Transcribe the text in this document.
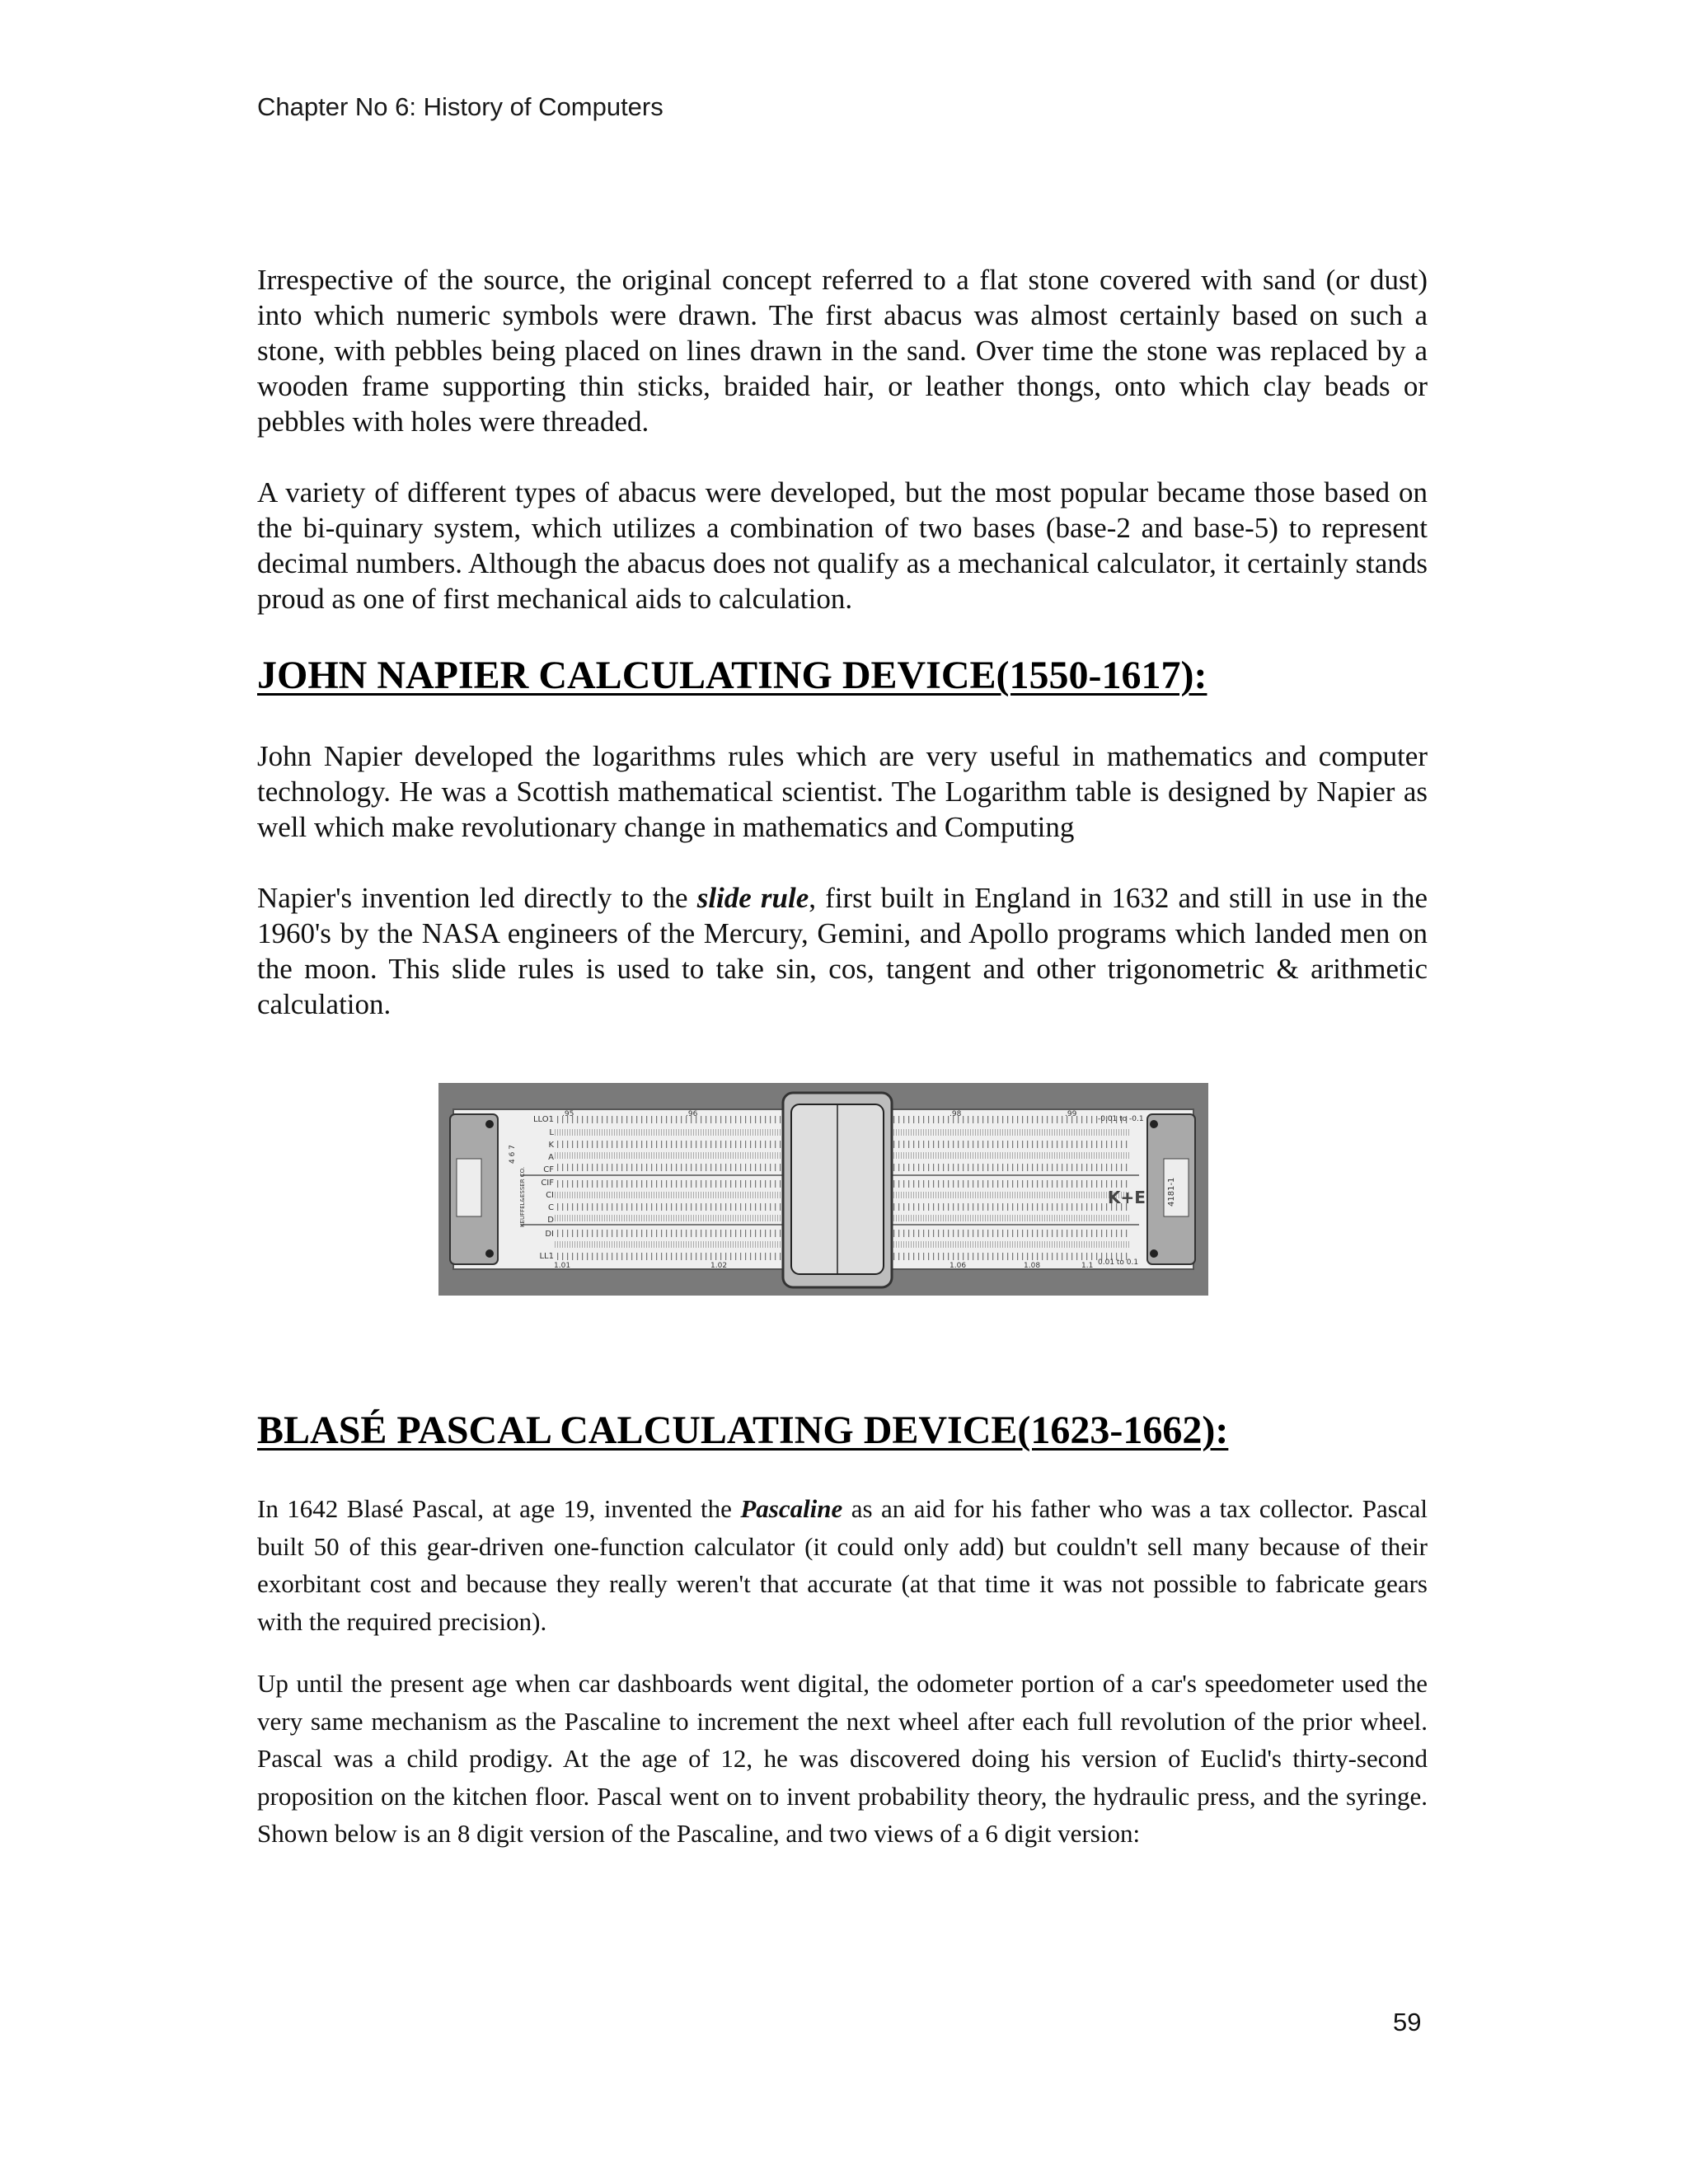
Chapter No 6: History of Computers

Irrespective of the source, the original concept referred to a flat stone covered with sand (or dust) into which numeric symbols were drawn. The first abacus was almost certainly based on such a stone, with pebbles being placed on lines drawn in the sand. Over time the stone was replaced by a wooden frame supporting thin sticks, braided hair, or leather thongs, onto which clay beads or pebbles with holes were threaded.

A variety of different types of abacus were developed, but the most popular became those based on the bi-quinary system, which utilizes a combination of two bases (base-2 and base-5) to represent decimal numbers. Although the abacus does not qualify as a mechanical calculator, it certainly stands proud as one of first mechanical aids to calculation.

JOHN NAPIER CALCULATING DEVICE(1550-1617):

John Napier developed the logarithms rules which are very useful in mathematics and computer technology. He was a Scottish mathematical scientist. The Logarithm table is designed by Napier as well which make revolutionary change in mathematics and Computing

Napier's invention led directly to the slide rule, first built in England in 1632 and still in use in the 1960's by the NASA engineers of the Mercury, Gemini, and Apollo programs which landed men on the moon. This slide rules is used to take sin, cos, tangent and other trigonometric & arithmetic calculation.

LLO1
L
K
A
CF
CIF
CI
C
D
DI
LL1
.95	.96	.98	.99
1.01	1.02	1.06	1.08	1.1
-0.01 to -0.1
0.01 to 0.1
4 6 7
KEUFFEL&ESSER CO.	4181-1
K+E
BLASÉ PASCAL CALCULATING DEVICE(1623-1662):

In 1642 Blasé Pascal, at age 19, invented the Pascaline as an aid for his father who was a tax collector. Pascal built 50 of this gear-driven one-function calculator (it could only add) but couldn't sell many because of their exorbitant cost and because they really weren't that accurate (at that time it was not possible to fabricate gears with the required precision).

Up until the present age when car dashboards went digital, the odometer portion of a car's speedometer used the very same mechanism as the Pascaline to increment the next wheel after each full revolution of the prior wheel. Pascal was a child prodigy. At the age of 12, he was discovered doing his version of Euclid's thirty-second proposition on the kitchen floor. Pascal went on to invent probability theory, the hydraulic press, and the syringe. Shown below is an 8 digit version of the Pascaline, and two views of a 6 digit version:

59
